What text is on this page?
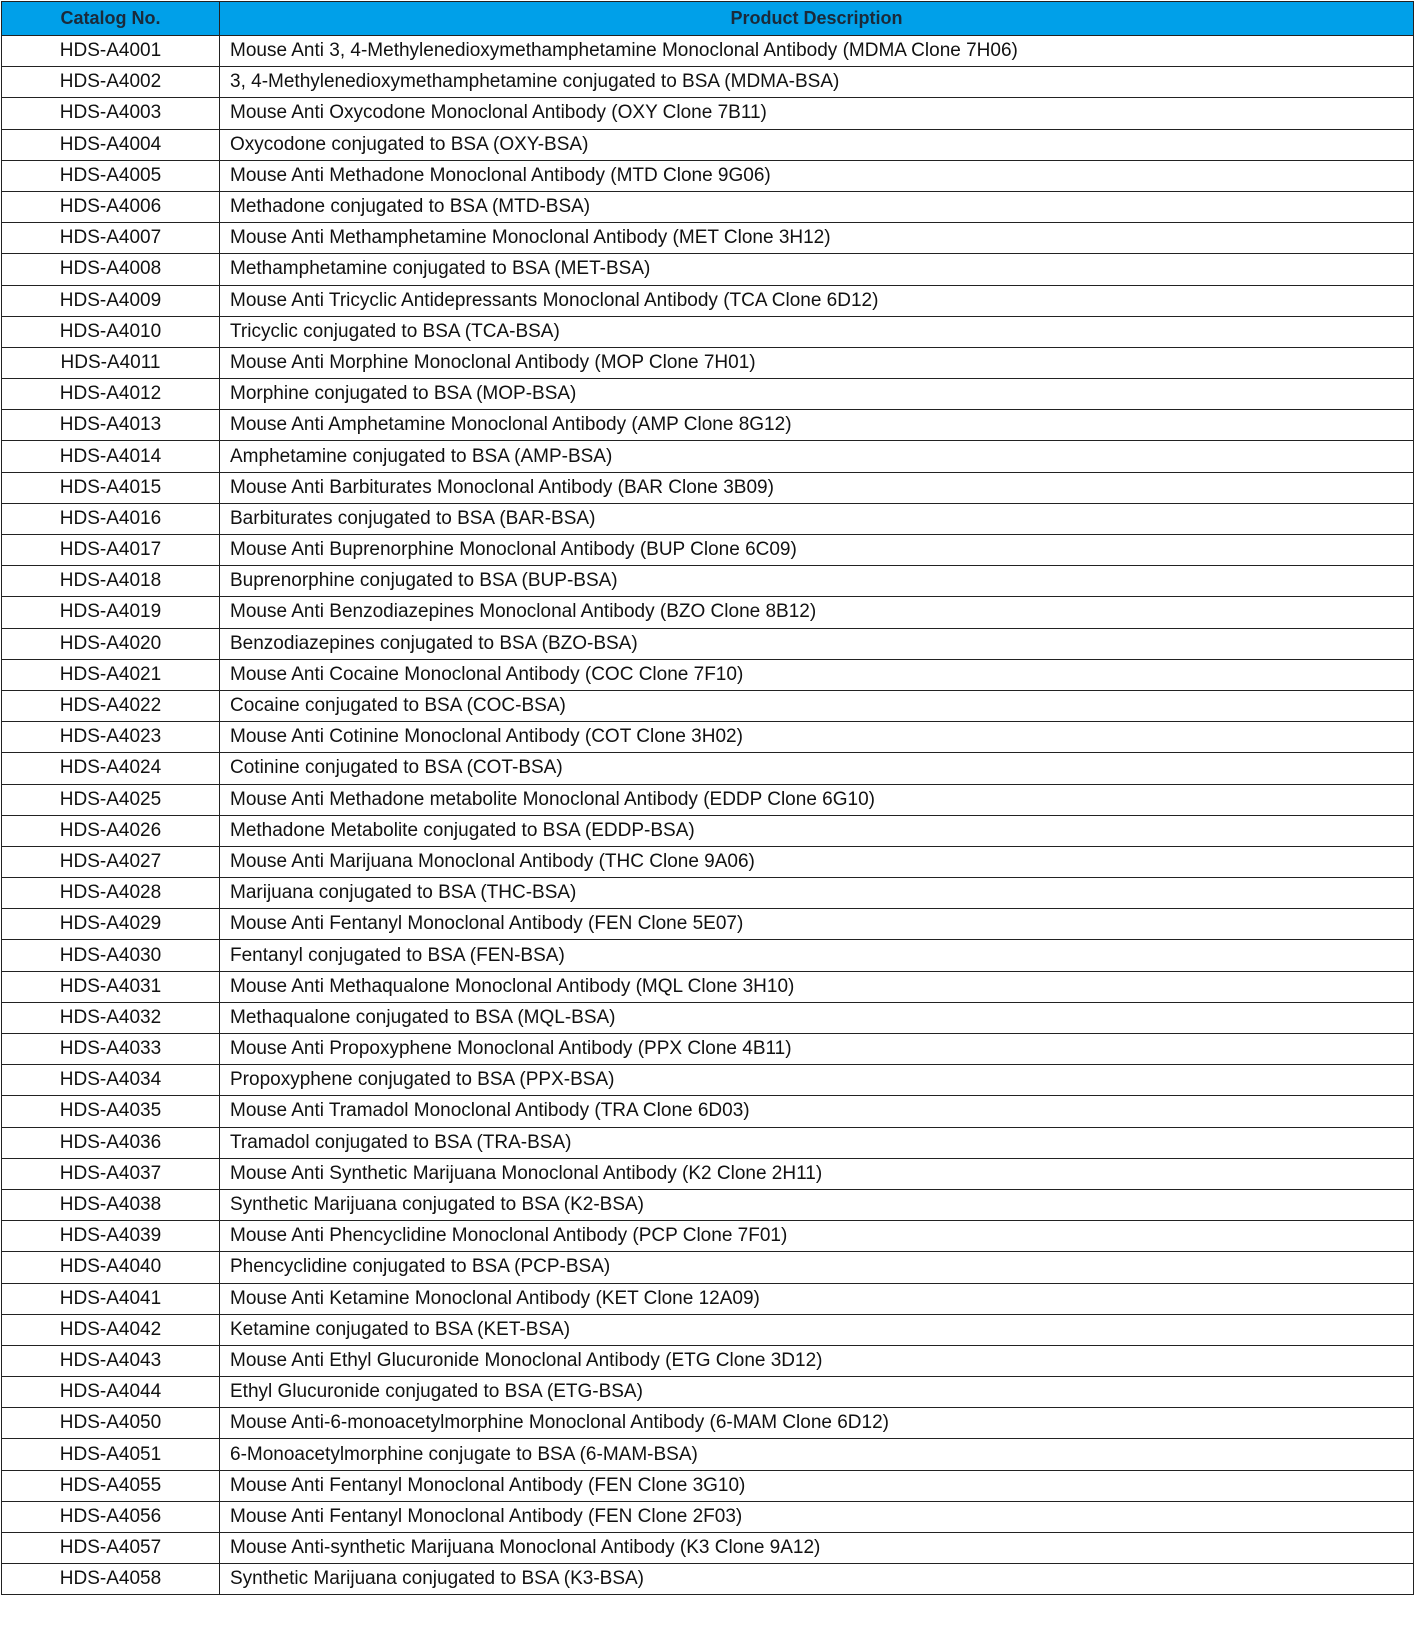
Catalog No.	Product Description
HDS-A4001	Mouse Anti 3, 4-Methylenedioxymethamphetamine Monoclonal Antibody (MDMA Clone 7H06)
HDS-A4002	3, 4-Methylenedioxymethamphetamine conjugated to BSA (MDMA-BSA)
HDS-A4003	Mouse Anti Oxycodone Monoclonal Antibody (OXY Clone 7B11)
HDS-A4004	Oxycodone conjugated to BSA (OXY-BSA)
HDS-A4005	Mouse Anti Methadone Monoclonal Antibody (MTD Clone 9G06)
HDS-A4006	Methadone conjugated to BSA (MTD-BSA)
HDS-A4007	Mouse Anti Methamphetamine Monoclonal Antibody (MET Clone 3H12)
HDS-A4008	Methamphetamine conjugated to BSA (MET-BSA)
HDS-A4009	Mouse Anti Tricyclic Antidepressants Monoclonal Antibody (TCA Clone 6D12)
HDS-A4010	Tricyclic conjugated to BSA (TCA-BSA)
HDS-A4011	Mouse Anti Morphine Monoclonal Antibody (MOP Clone 7H01)
HDS-A4012	Morphine conjugated to BSA (MOP-BSA)
HDS-A4013	Mouse Anti Amphetamine Monoclonal Antibody (AMP Clone 8G12)
HDS-A4014	Amphetamine conjugated to BSA (AMP-BSA)
HDS-A4015	Mouse Anti Barbiturates Monoclonal Antibody (BAR Clone 3B09)
HDS-A4016	Barbiturates conjugated to BSA (BAR-BSA)
HDS-A4017	Mouse Anti Buprenorphine Monoclonal Antibody (BUP Clone 6C09)
HDS-A4018	Buprenorphine conjugated to BSA (BUP-BSA)
HDS-A4019	Mouse Anti Benzodiazepines Monoclonal Antibody (BZO Clone 8B12)
HDS-A4020	Benzodiazepines conjugated to BSA (BZO-BSA)
HDS-A4021	Mouse Anti Cocaine Monoclonal Antibody (COC Clone 7F10)
HDS-A4022	Cocaine conjugated to BSA (COC-BSA)
HDS-A4023	Mouse Anti Cotinine Monoclonal Antibody (COT Clone 3H02)
HDS-A4024	Cotinine conjugated to BSA (COT-BSA)
HDS-A4025	Mouse Anti Methadone metabolite Monoclonal Antibody (EDDP Clone 6G10)
HDS-A4026	Methadone Metabolite conjugated to BSA (EDDP-BSA)
HDS-A4027	Mouse Anti Marijuana Monoclonal Antibody (THC Clone 9A06)
HDS-A4028	Marijuana conjugated to BSA (THC-BSA)
HDS-A4029	Mouse Anti Fentanyl Monoclonal Antibody (FEN Clone 5E07)
HDS-A4030	Fentanyl conjugated to BSA (FEN-BSA)
HDS-A4031	Mouse Anti Methaqualone Monoclonal Antibody (MQL Clone 3H10)
HDS-A4032	Methaqualone conjugated to BSA (MQL-BSA)
HDS-A4033	Mouse Anti Propoxyphene Monoclonal Antibody (PPX Clone 4B11)
HDS-A4034	Propoxyphene conjugated to BSA (PPX-BSA)
HDS-A4035	Mouse Anti Tramadol Monoclonal Antibody (TRA Clone 6D03)
HDS-A4036	Tramadol conjugated to BSA (TRA-BSA)
HDS-A4037	Mouse Anti Synthetic Marijuana Monoclonal Antibody (K2 Clone 2H11)
HDS-A4038	Synthetic Marijuana conjugated to BSA (K2-BSA)
HDS-A4039	Mouse Anti Phencyclidine Monoclonal Antibody (PCP Clone 7F01)
HDS-A4040	Phencyclidine conjugated to BSA (PCP-BSA)
HDS-A4041	Mouse Anti Ketamine Monoclonal Antibody (KET Clone 12A09)
HDS-A4042	Ketamine conjugated to BSA (KET-BSA)
HDS-A4043	Mouse Anti Ethyl Glucuronide Monoclonal Antibody (ETG Clone 3D12)
HDS-A4044	Ethyl Glucuronide conjugated to BSA (ETG-BSA)
HDS-A4050	Mouse Anti-6-monoacetylmorphine Monoclonal Antibody (6-MAM Clone 6D12)
HDS-A4051	6-Monoacetylmorphine conjugate to BSA (6-MAM-BSA)
HDS-A4055	Mouse Anti Fentanyl Monoclonal Antibody (FEN Clone 3G10)
HDS-A4056	Mouse Anti Fentanyl Monoclonal Antibody (FEN Clone 2F03)
HDS-A4057	Mouse Anti-synthetic Marijuana Monoclonal Antibody (K3 Clone 9A12)
HDS-A4058	Synthetic Marijuana conjugated to BSA (K3-BSA)
